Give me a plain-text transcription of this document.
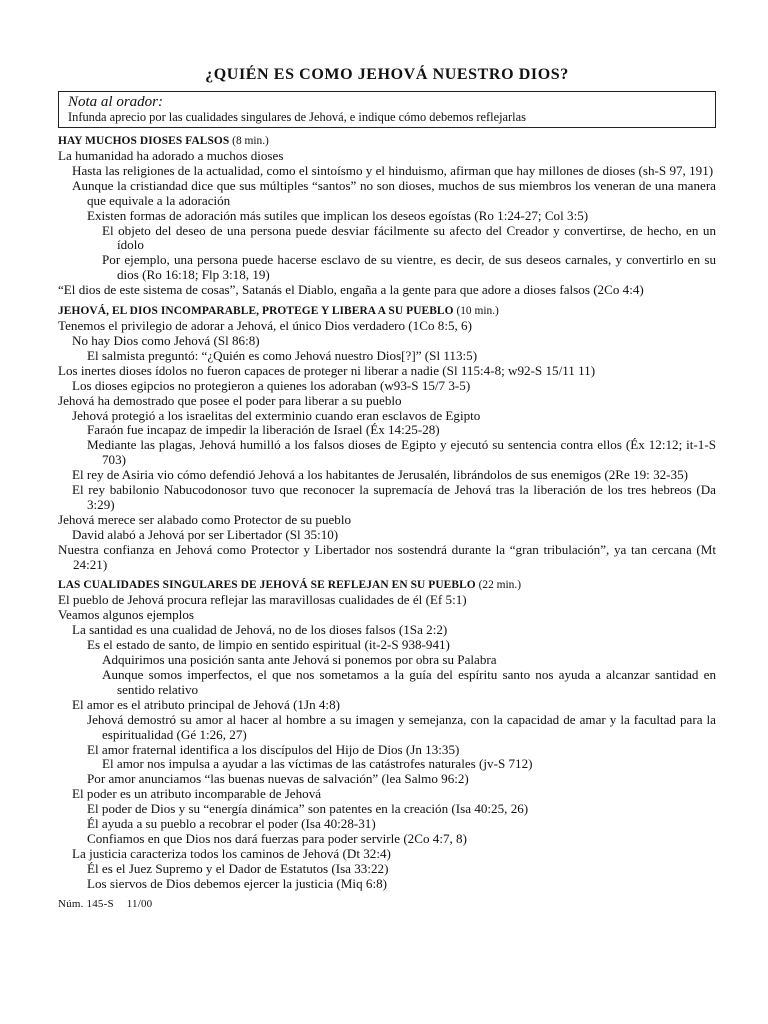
¿QUIÉN ES COMO JEHOVÁ NUESTRO DIOS?
Nota al orador:
Infunda aprecio por las cualidades singulares de Jehová, e indique cómo debemos reflejarlas
HAY MUCHOS DIOSES FALSOS (8 min.)
La humanidad ha adorado a muchos dioses
Hasta las religiones de la actualidad, como el sintoísmo y el hinduismo, afirman que hay millones de dioses (sh-S 97, 191)
Aunque la cristiandad dice que sus múltiples “santos” no son dioses, muchos de sus miembros los veneran de una manera que equivale a la adoración
Existen formas de adoración más sutiles que implican los deseos egoístas (Ro 1:24-27; Col 3:5)
El objeto del deseo de una persona puede desviar fácilmente su afecto del Creador y convertirse, de hecho, en un ídolo
Por ejemplo, una persona puede hacerse esclavo de su vientre, es decir, de sus deseos carnales, y convertirlo en su dios (Ro 16:18; Flp 3:18, 19)
“El dios de este sistema de cosas”, Satanás el Diablo, engaña a la gente para que adore a dioses falsos (2Co 4:4)
JEHOVÁ, EL DIOS INCOMPARABLE, PROTEGE Y LIBERA A SU PUEBLO (10 min.)
Tenemos el privilegio de adorar a Jehová, el único Dios verdadero (1Co 8:5, 6)
No hay Dios como Jehová (Sl 86:8)
El salmista preguntó: “¿Quién es como Jehová nuestro Dios[?]” (Sl 113:5)
Los inertes dioses ídolos no fueron capaces de proteger ni liberar a nadie (Sl 115:4-8; w92-S 15/11 11)
Los dioses egipcios no protegieron a quienes los adoraban (w93-S 15/7 3-5)
Jehová ha demostrado que posee el poder para liberar a su pueblo
Jehová protegió a los israelitas del exterminio cuando eran esclavos de Egipto
Faraón fue incapaz de impedir la liberación de Israel (Éx 14:25-28)
Mediante las plagas, Jehová humilló a los falsos dioses de Egipto y ejecutó su sentencia contra ellos (Éx 12:12; it-1-S 703)
El rey de Asiria vio cómo defendió Jehová a los habitantes de Jerusalén, librándolos de sus enemigos (2Re 19: 32-35)
El rey babilonio Nabucodonosor tuvo que reconocer la supremacía de Jehová tras la liberación de los tres hebreos (Da 3:29)
Jehová merece ser alabado como Protector de su pueblo
David alabó a Jehová por ser Libertador (Sl 35:10)
Nuestra confianza en Jehová como Protector y Libertador nos sostendrá durante la “gran tribulación”, ya tan cercana (Mt 24:21)
LAS CUALIDADES SINGULARES DE JEHOVÁ SE REFLEJAN EN SU PUEBLO (22 min.)
El pueblo de Jehová procura reflejar las maravillosas cualidades de él (Ef 5:1)
Veamos algunos ejemplos
La santidad es una cualidad de Jehová, no de los dioses falsos (1Sa 2:2)
Es el estado de santo, de limpio en sentido espiritual (it-2-S 938-941)
Adquirimos una posición santa ante Jehová si ponemos por obra su Palabra
Aunque somos imperfectos, el que nos sometamos a la guía del espíritu santo nos ayuda a alcanzar santidad en sentido relativo
El amor es el atributo principal de Jehová (1Jn 4:8)
Jehová demostró su amor al hacer al hombre a su imagen y semejanza, con la capacidad de amar y la facultad para la espiritualidad (Gé 1:26, 27)
El amor fraternal identifica a los discípulos del Hijo de Dios (Jn 13:35)
El amor nos impulsa a ayudar a las víctimas de las catástrofes naturales (jv-S 712)
Por amor anunciamos “las buenas nuevas de salvación” (lea Salmo 96:2)
El poder es un atributo incomparable de Jehová
El poder de Dios y su “energía dinámica” son patentes en la creación (Isa 40:25, 26)
Él ayuda a su pueblo a recobrar el poder (Isa 40:28-31)
Confiamos en que Dios nos dará fuerzas para poder servirle (2Co 4:7, 8)
La justicia caracteriza todos los caminos de Jehová (Dt 32:4)
Él es el Juez Supremo y el Dador de Estatutos (Isa 33:22)
Los siervos de Dios debemos ejercer la justicia (Miq 6:8)
Núm. 145-S 11/00
